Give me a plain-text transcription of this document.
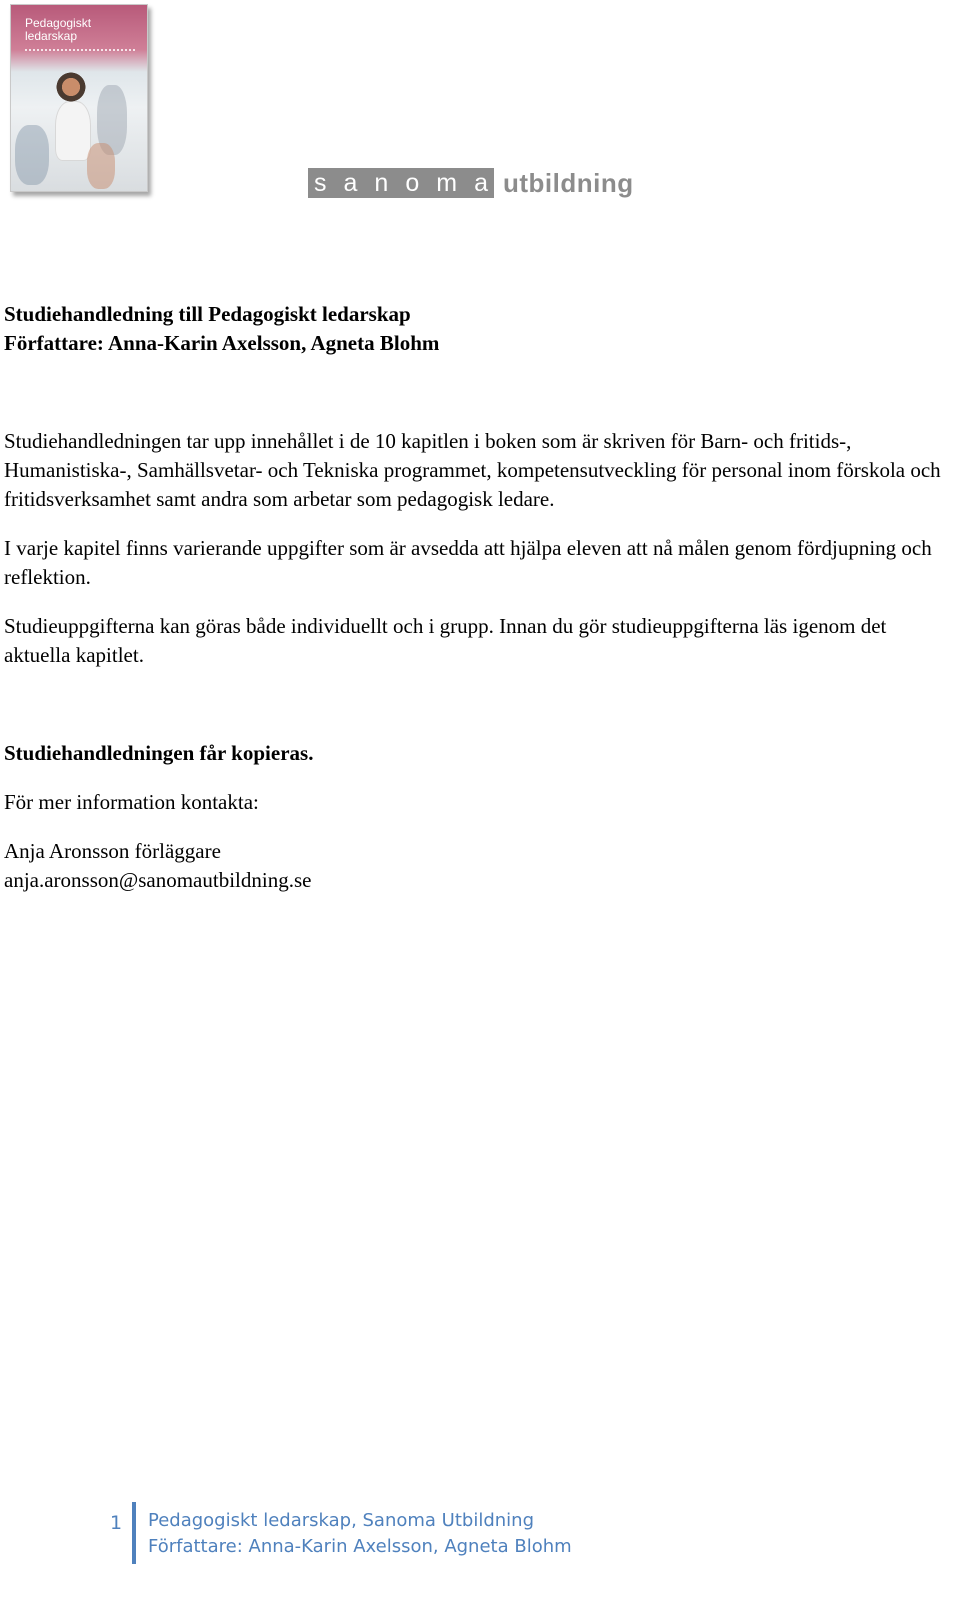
Pedagogiskt
ledarskap
sanoma
utbildning

Studiehandledning till Pedagogiskt ledarskap

Författare: Anna-Karin Axelsson, Agneta Blohm

Studiehandledningen tar upp innehållet i de 10 kapitlen i boken som är skriven för Barn- och fritids-, Humanistiska-, Samhällsvetar- och Tekniska programmet, kompetensutveckling för personal inom förskola och fritidsverksamhet samt andra som arbetar som pedagogisk ledare.

I varje kapitel finns varierande uppgifter som är avsedda att hjälpa eleven att nå målen genom fördjupning och reflektion.

Studieuppgifterna kan göras både individuellt och i grupp. Innan du gör studieuppgifterna läs igenom det aktuella kapitlet.

Studiehandledningen får kopieras.

För mer information kontakta:

Anja Aronsson förläggare
anja.aronsson@sanomautbildning.se
1	Pedagogiskt ledarskap, Sanoma Utbildning
Författare: Anna-Karin Axelsson, Agneta Blohm
